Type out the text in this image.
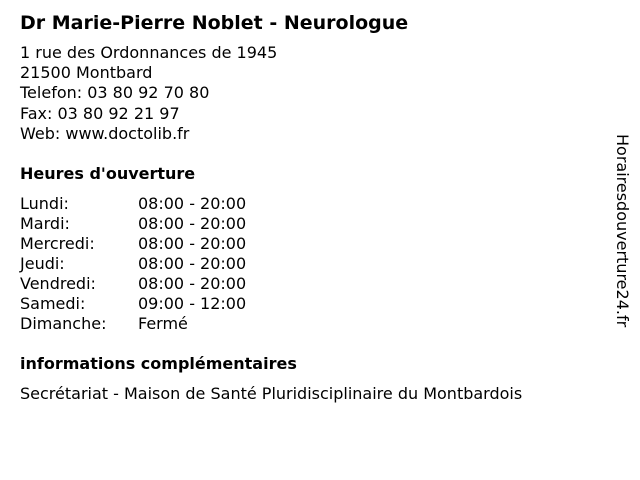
Dr Marie-Pierre Noblet - Neurologue
1 rue des Ordonnances de 1945
21500 Montbard
Telefon: 03 80 92 70 80
Fax: 03 80 92 21 97
Web: www.doctolib.fr
Heures d'ouverture
Lundi:	08:00 - 20:00
Mardi:	08:00 - 20:00
Mercredi:	08:00 - 20:00
Jeudi:	08:00 - 20:00
Vendredi:	08:00 - 20:00
Samedi:	09:00 - 12:00
Dimanche: Fermé
informations complémentaires
Secrétariat - Maison de Santé Pluridisciplinaire du Montbardois
Horairesdouverture24.fr
